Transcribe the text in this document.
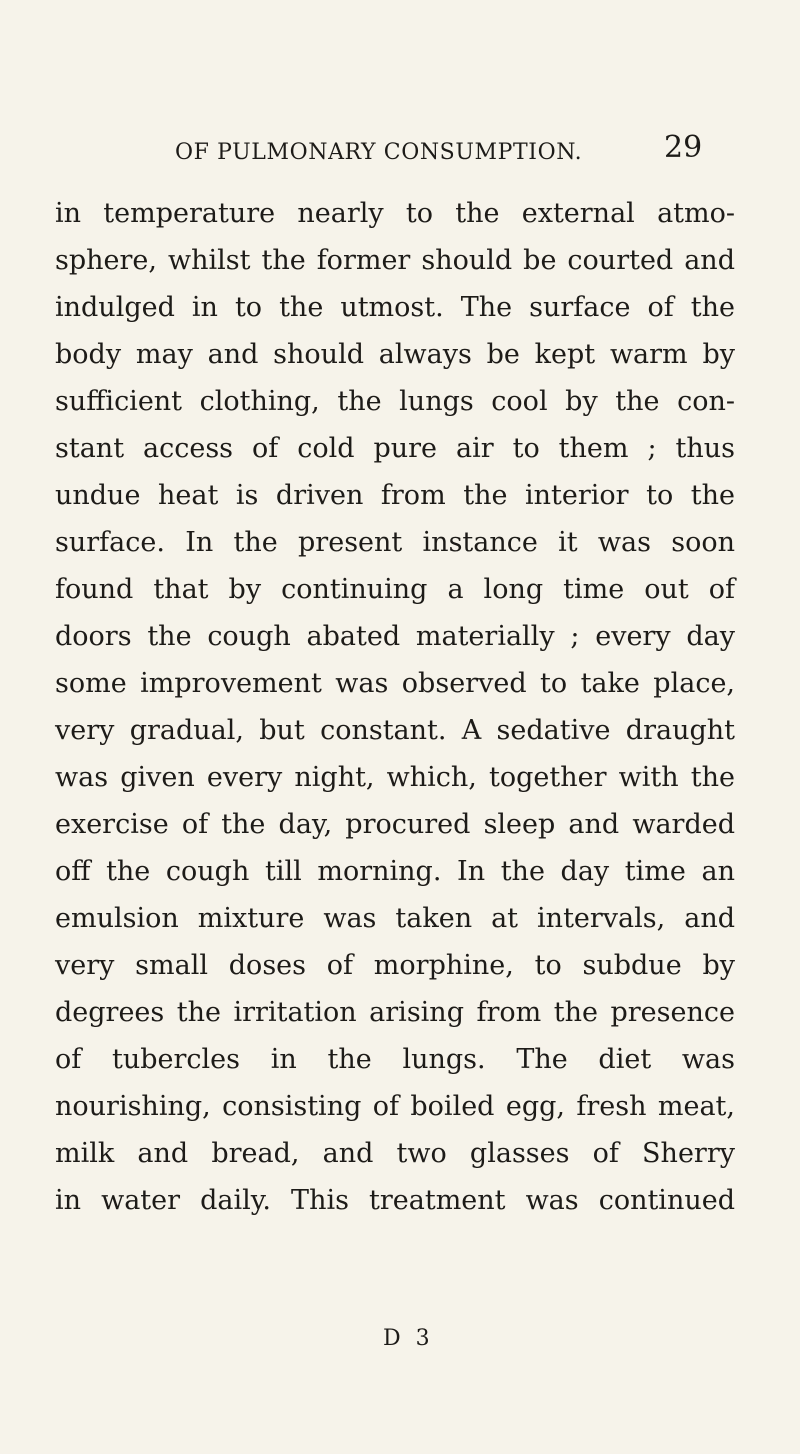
OF PULMONARY CONSUMPTION.	29
in temperature nearly to the external atmo-
sphere, whilst the former should be courted and
indulged in to the utmost. The surface of the
body may and should always be kept warm by
sufficient clothing, the lungs cool by the con-
stant access of cold pure air to them ; thus
undue heat is driven from the interior to the
surface. In the present instance it was soon
found that by continuing a long time out of
doors the cough abated materially ; every day
some improvement was observed to take place,
very gradual, but constant. A sedative draught
was given every night, which, together with the
exercise of the day, procured sleep and warded
off the cough till morning. In the day time an
emulsion mixture was taken at intervals, and
very small doses of morphine, to subdue by
degrees the irritation arising from the presence
of tubercles in the lungs. The diet was
nourishing, consisting of boiled egg, fresh meat,
milk and bread, and two glasses of Sherry
in water daily. This treatment was continued
D 3
